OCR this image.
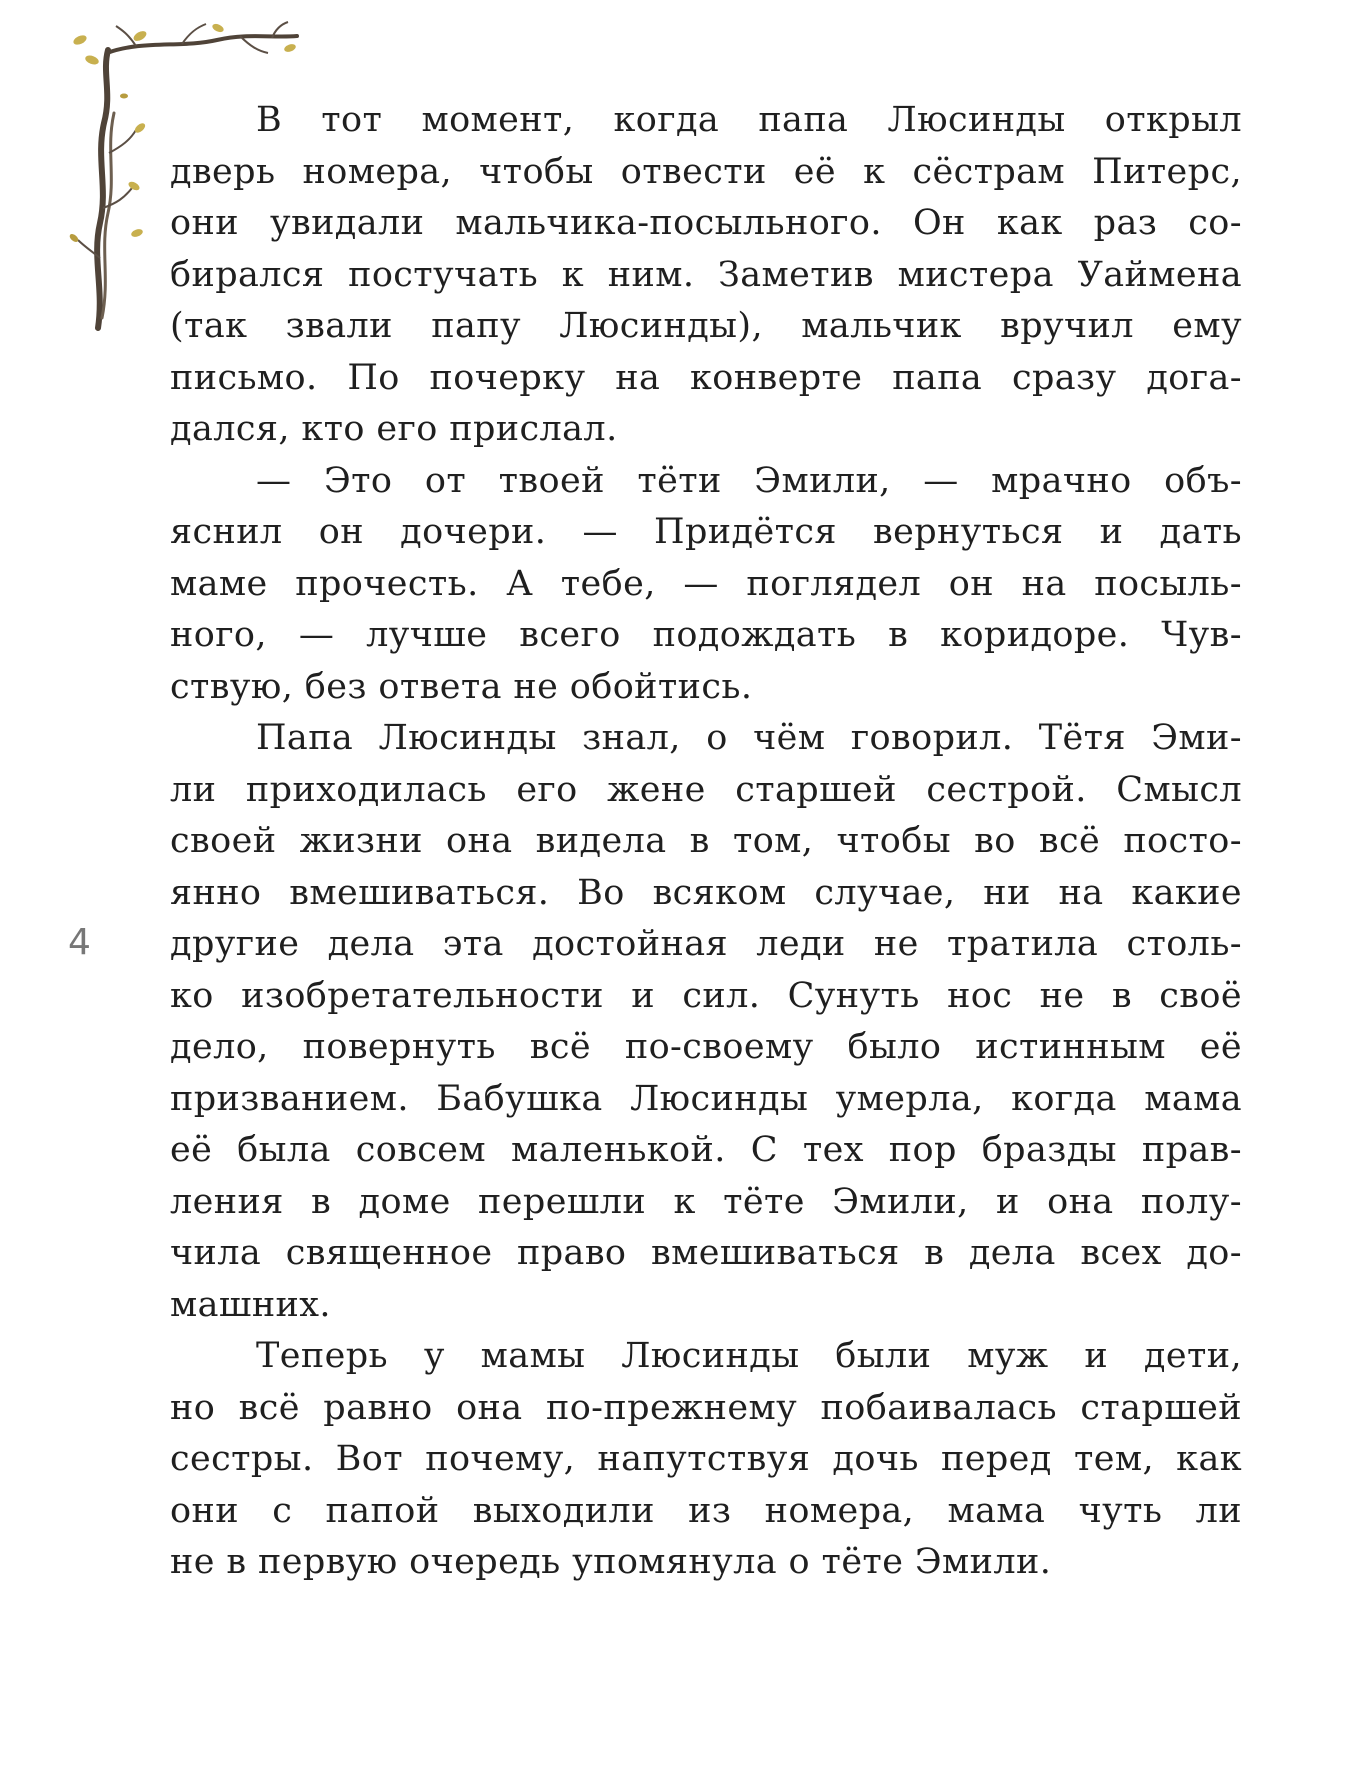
4
В тот момент, когда папа Люсинды открыл
дверь номера, чтобы отвести её к сёстрам Питерс,
они увидали мальчика-посыльного. Он как раз со-
бирался постучать к ним. Заметив мистера Уаймена
(так звали папу Люсинды), мальчик вручил ему
письмо. По почерку на конверте папа сразу дога-
дался, кто его прислал.
— Это от твоей тёти Эмили, — мрачно объ-
яснил он дочери. — Придётся вернуться и дать
маме прочесть. А тебе, — поглядел он на посыль-
ного, — лучше всего подождать в коридоре. Чув-
ствую, без ответа не обойтись.
Папа Люсинды знал, о чём говорил. Тётя Эми-
ли приходилась его жене старшей сестрой. Смысл
своей жизни она видела в том, чтобы во всё посто-
янно вмешиваться. Во всяком случае, ни на какие
другие дела эта достойная леди не тратила столь-
ко изобретательности и сил. Сунуть нос не в своё
дело, повернуть всё по-своему было истинным её
призванием. Бабушка Люсинды умерла, когда мама
её была совсем маленькой. С тех пор бразды прав-
ления в доме перешли к тёте Эмили, и она полу-
чила священное право вмешиваться в дела всех до-
машних.
Теперь у мамы Люсинды были муж и дети,
но всё равно она по-прежнему побаивалась старшей
сестры. Вот почему, напутствуя дочь перед тем, как
они с папой выходили из номера, мама чуть ли
не в первую очередь упомянула о тёте Эмили.
